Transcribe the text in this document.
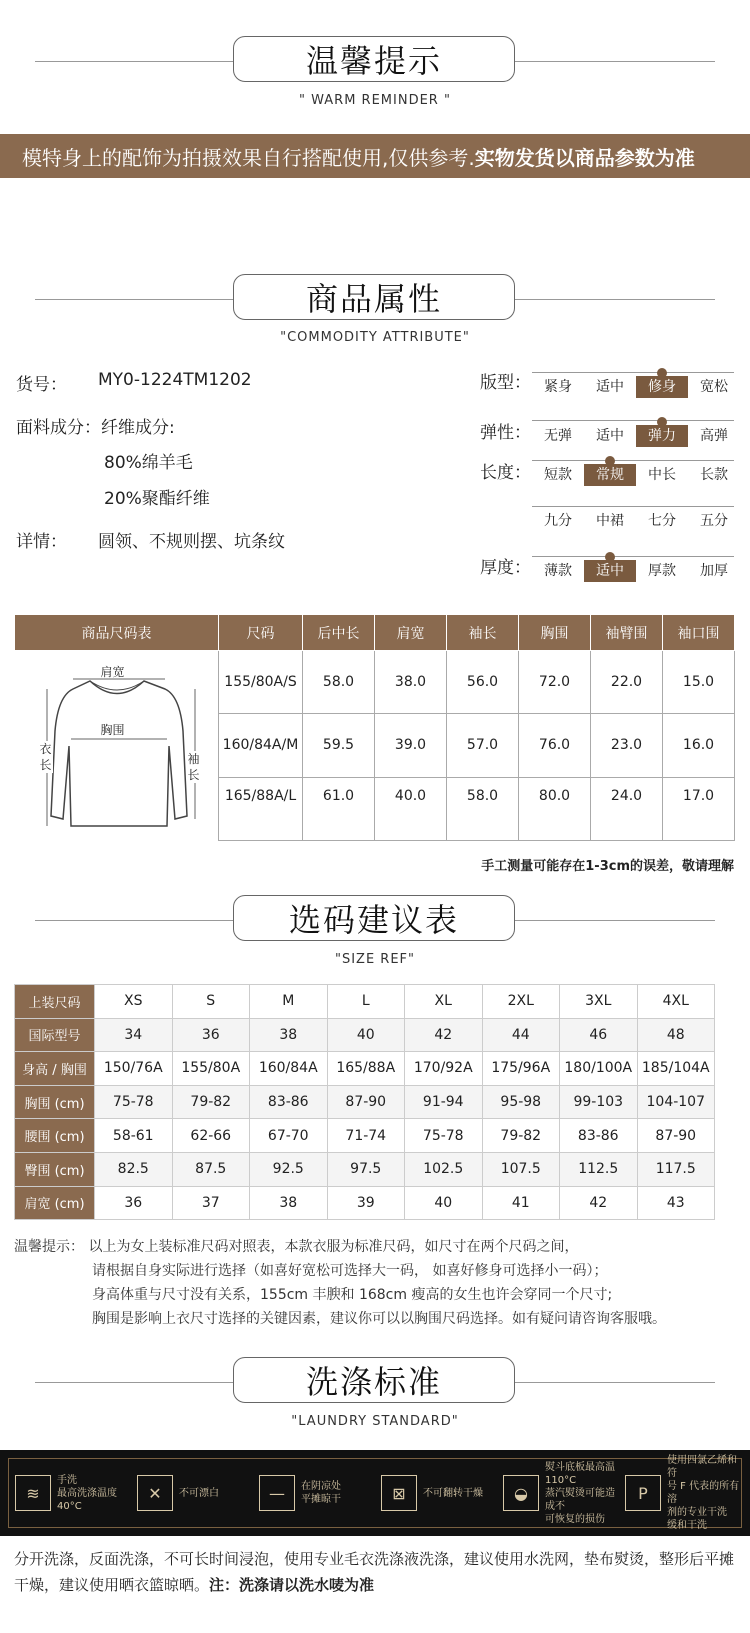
温馨提示
" WARM REMINDER "
模特身上的配饰为拍摄效果自行搭配使用,仅供参考. 实物发货以商品参数为准
商品属性
"COMMODITY ATTRIBUTE"
货号： MY0-1224TM1202
面料成分：纤维成分:
80%绵羊毛
20%聚酯纤维
详情： 圆领、不规则摆、坑条纹
版型： 紧身	适中	修身	宽松
弹性： 无弹	适中	弹力	高弹
长度： 短款	常规	中长	长款
九分	中裙	七分	五分
厚度： 薄款	适中	厚款	加厚
商品尺码表	尺码	后中长	肩宽	袖长	胸围	袖臂围	袖口围

肩宽
胸围
衣长 袖长	155/80A/S	58.0	38.0	56.0	72.0	22.0	15.0
	160/84A/M	59.5	39.0	57.0	76.0	23.0	16.0
	165/88A/L	61.0	40.0	58.0	80.0	24.0	17.0
手工测量可能存在1-3cm的误差，敬请理解
选码建议表
"SIZE REF"
上装尺码	XS	S	M	L	XL	2XL	3XL	4XL
国际型号	34	36	38	40	42	44	46	48
身高 / 胸围	150/76A	155/80A	160/84A	165/88A	170/92A	175/96A	180/100A	185/104A
胸围 (cm)	75-78	79-82	83-86	87-90	91-94	95-98	99-103	104-107
腰围 (cm)	58-61	62-66	67-70	71-74	75-78	79-82	83-86	87-90
臀围 (cm)	82.5	87.5	92.5	97.5	102.5	107.5	112.5	117.5
肩宽 (cm)	36	37	38	39	40	41	42	43
温馨提示： 以上为女上装标准尺码对照表，本款衣服为标准尺码，如尺寸在两个尺码之间，
请根据自身实际进行选择（如喜好宽松可选择大一码， 如喜好修身可选择小一码）；
身高体重与尺寸没有关系，155cm 丰腴和 168cm 瘦高的女生也许会穿同一个尺寸;
胸围是影响上衣尺寸选择的关键因素，建议你可以以胸围尺码选择。如有疑问请咨询客服哦。
洗涤标准
"LAUNDRY STANDARD"
≋
手洗
最高洗涤温度
40°C
✕	不可漂白	—	在阴凉处
平摊晾干	⊠	不可翻转干燥	◒
熨斗底板最高温 110°C
蒸汽熨烫可能造成不
可恢复的损伤
P
使用四氯乙烯和符
号 F 代表的所有溶
剂的专业干洗
缓和干洗
分开洗涤，反面洗涤，不可长时间浸泡，使用专业毛衣洗涤液洗涤，建议使用水洗网，垫布熨烫，整形后平摊干燥，建议使用晒衣篮晾晒。注：洗涤请以洗水唛为准
